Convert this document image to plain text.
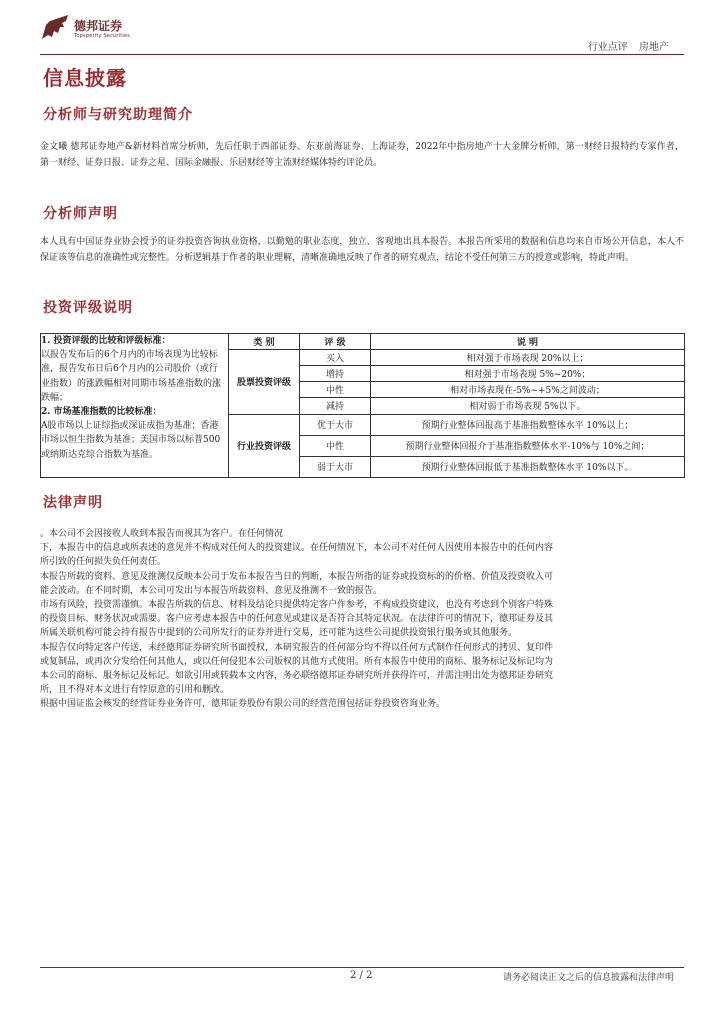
德邦证券
Topsperity Securities
行业点评 房地产
信息披露
分析师与研究助理简介
金文曦 德邦证券地产&新材料首席分析师，先后任职于西部证券、东亚前海证券、上海证券，2022年中指房地产十大金牌分析师，第一财经日报特约专家作者，第一财经、证券日报、证券之星、国际金融报、乐居财经等主流财经媒体特约评论员。
分析师声明
本人具有中国证券业协会授予的证券投资咨询执业资格，以勤勉的职业态度，独立、客观地出具本报告。本报告所采用的数据和信息均来自市场公开信息，本人不保证该等信息的准确性或完整性。分析逻辑基于作者的职业理解，清晰准确地反映了作者的研究观点，结论不受任何第三方的授意或影响，特此声明。
投资评级说明
	类 别	评 级	说 明
	股票投资评级	买入	相对强于市场表现 20%以上；
		增持	相对强于市场表现 5%~20%；
		中性	相对市场表现在-5%~+5%之间波动；
		减持	相对弱于市场表现 5%以下。
	行业投资评级	优于大市	预期行业整体回报高于基准指数整体水平 10%以上；
		中性	预期行业整体回报介于基准指数整体水平-10%与 10%之间；
		弱于大市	预期行业整体回报低于基准指数整体水平 10%以下。
1. 投资评级的比较和评级标准：
以报告发布后的6个月内的市场表现为比较标准，报告发布日后6个月内的公司股价（或行业指数）的涨跌幅相对同期市场基准指数的涨跌幅；
2. 市场基准指数的比较标准：
A股市场以上证综指或深证成指为基准；香港市场以恒生指数为基准；美国市场以标普500或纳斯达克综合指数为基准。
法律声明
。本公司不会因接收人收到本报告而视其为客户。在任何情况
下，本报告中的信息或所表述的意见并不构成对任何人的投资建议。在任何情况下，本公司不对任何人因使用本报告中的任何内容
所引致的任何损失负任何责任。
本报告所载的资料、意见及推测仅反映本公司于发布本报告当日的判断，本报告所指的证券或投资标的的价格、价值及投资收入可
能会波动。在不同时期，本公司可发出与本报告所载资料、意见及推测不一致的报告。
市场有风险，投资需谨慎。本报告所载的信息、材料及结论只提供特定客户作参考，不构成投资建议，也没有考虑到个别客户特殊
的投资目标、财务状况或需要。客户应考虑本报告中的任何意见或建议是否符合其特定状况。在法律许可的情况下，德邦证券及其
所属关联机构可能会持有报告中提到的公司所发行的证券并进行交易，还可能为这些公司提供投资银行服务或其他服务。
本报告仅向特定客户传送，未经德邦证券研究所书面授权，本研究报告的任何部分均不得以任何方式制作任何形式的拷贝、复印件
或复制品，或再次分发给任何其他人，或以任何侵犯本公司版权的其他方式使用。所有本报告中使用的商标、服务标记及标记均为
本公司的商标、服务标记及标记。如欲引用或转载本文内容，务必联络德邦证券研究所并获得许可，并需注明出处为德邦证券研究
所，且不得对本文进行有悖原意的引用和删改。
根据中国证监会核发的经营证券业务许可，德邦证券股份有限公司的经营范围包括证券投资咨询业务。
2 / 2	请务必阅读正文之后的信息披露和法律声明
